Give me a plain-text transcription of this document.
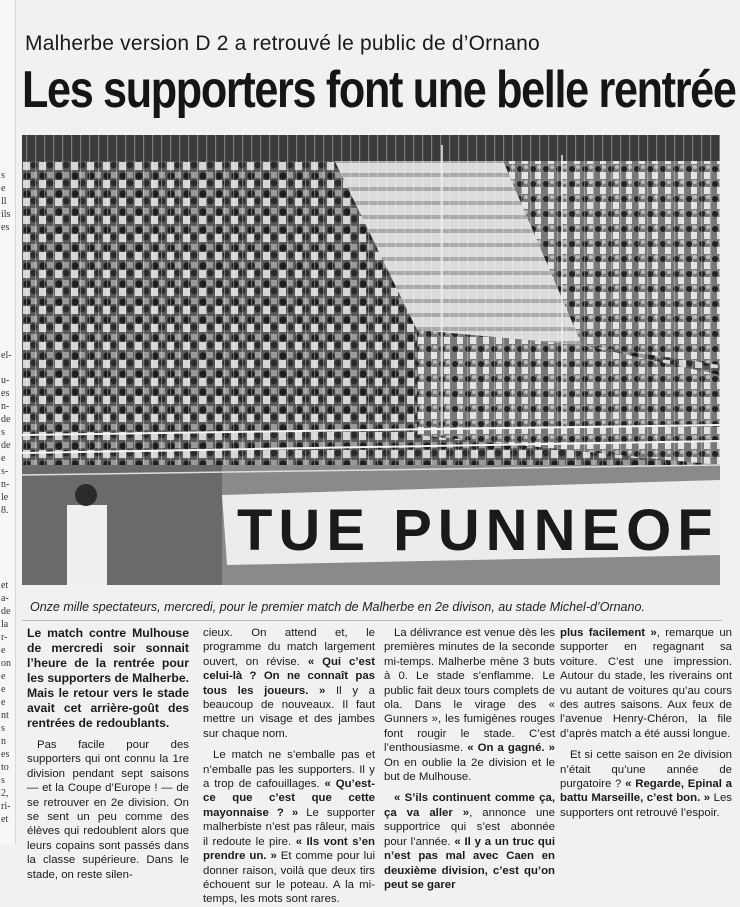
s
e
ll
ils
es
el-
u-
es
n-
de
s
de
e
s-
n-
le
8.
et
a-
de
la
r-
e
on
e
e
e
nt
s
n
es
to
s
2,
ri-
et
Malherbe version D 2 a retrouvé le public de d’Ornano
Les supporters font une belle rentrée
TUE PUNNEOF
Onze mille spectateurs, mercredi, pour le premier match de Malherbe en 2e divison, au stade Michel-d’Ornano.

Le match contre Mulhouse de mercredi soir sonnait l’heure de la rentrée pour les supporters de Malherbe. Mais le retour vers le stade avait cet arrière-goût des rentrées de redoublants.

Pas facile pour des supporters qui ont connu la 1re division pendant sept saisons — et la Coupe d’Europe ! — de se retrouver en 2e division. On se sent un peu comme des élèves qui redoublent alors que leurs copains sont passés dans la classe supérieure. Dans le stade, on reste silen-

cieux. On attend et, le programme du match largement ouvert, on révise. « Qui c’est celui-là ? On ne connaît pas tous les joueurs. » Il y a beaucoup de nouveaux. Il faut mettre un visage et des jambes sur chaque nom.

Le match ne s’emballe pas et n’emballe pas les supporters. Il y a trop de cafouillages. « Qu’est-ce que c’est que cette mayonnaise ? » Le supporter malherbiste n’est pas râleur, mais il redoute le pire. « Ils vont s’en prendre un. » Et comme pour lui donner raison, voilà que deux tirs échouent sur le poteau. A la mi-temps, les mots sont rares.

La délivrance est venue dès les premières minutes de la seconde mi-temps. Malherbe mène 3 buts à 0. Le stade s’enflamme. Le public fait deux tours complets de ola. Dans le virage des « Gunners », les fumigènes rouges font rougir le stade. C’est l’enthousiasme. « On a gagné. » On en oublie la 2e division et le but de Mulhouse.

« S’ils continuent comme ça, ça va aller », annonce une supportrice qui s’est abonnée pour l’année. « Il y a un truc qui n’est pas mal avec Caen en deuxième division, c’est qu’on peut se garer

plus facilement », remarque un supporter en regagnant sa voiture. C’est une impression. Autour du stade, les riverains ont vu autant de voitures qu’au cours des autres saisons. Aux feux de l’avenue Henry-Chéron, la file d’après match a été aussi longue.

Et si cette saison en 2e division n’était qu’une année de purgatoire ? « Regarde, Epinal a battu Marseille, c’est bon. » Les supporters ont retrouvé l’espoir.
